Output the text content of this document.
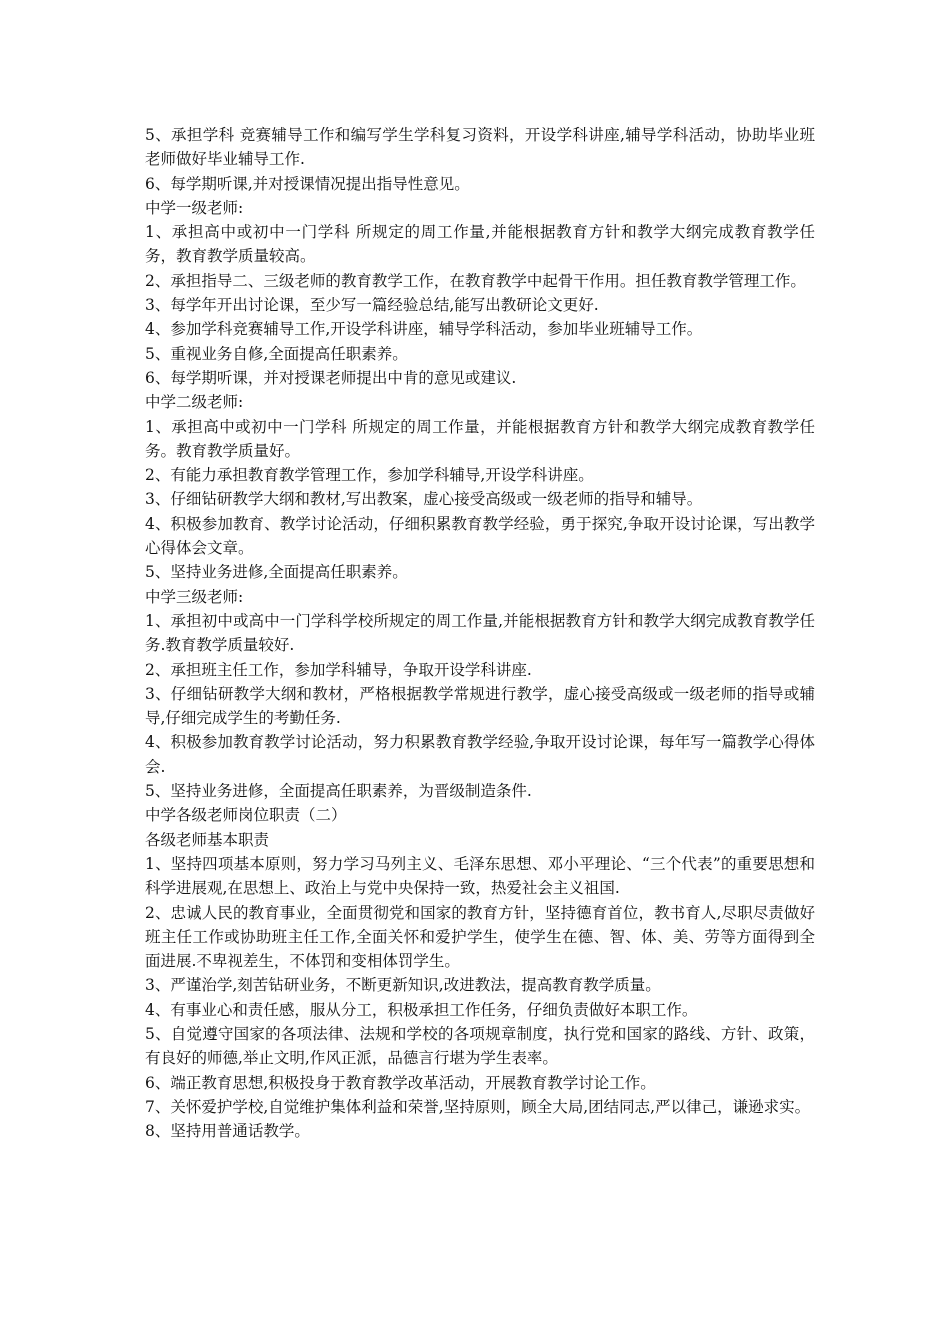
5、承担学科 竞赛辅导工作和编写学生学科复习资料，开设学科讲座,辅导学科活动，协助毕业班老师做好毕业辅导工作.

6、每学期听课,并对授课情况提出指导性意见。

中学一级老师:

1、承担高中或初中一门学科 所规定的周工作量,并能根据教育方针和教学大纲完成教育教学任务，教育教学质量较高。

2、承担指导二、三级老师的教育教学工作，在教育教学中起骨干作用。担任教育教学管理工作。

3、每学年开出讨论课，至少写一篇经验总结,能写出教研论文更好.

4、参加学科竞赛辅导工作,开设学科讲座，辅导学科活动，参加毕业班辅导工作。

5、重视业务自修,全面提高任职素养。

6、每学期听课，并对授课老师提出中肯的意见或建议.

中学二级老师:

1、承担高中或初中一门学科 所规定的周工作量，并能根据教育方针和教学大纲完成教育教学任务。教育教学质量好。

2、有能力承担教育教学管理工作，参加学科辅导,开设学科讲座。

3、仔细钻研教学大纲和教材,写出教案，虚心接受高级或一级老师的指导和辅导。

4、积极参加教育、教学讨论活动，仔细积累教育教学经验，勇于探究,争取开设讨论课，写出教学心得体会文章。

5、坚持业务进修,全面提高任职素养。

中学三级老师:

1、承担初中或高中一门学科学校所规定的周工作量,并能根据教育方针和教学大纲完成教育教学任务.教育教学质量较好.

2、承担班主任工作，参加学科辅导，争取开设学科讲座.

3、仔细钻研教学大纲和教材，严格根据教学常规进行教学，虚心接受高级或一级老师的指导或辅导,仔细完成学生的考勤任务.

4、积极参加教育教学讨论活动，努力积累教育教学经验,争取开设讨论课，每年写一篇教学心得体会.

5、坚持业务进修，全面提高任职素养，为晋级制造条件.

中学各级老师岗位职责（二）

各级老师基本职责

1、坚持四项基本原则，努力学习马列主义、毛泽东思想、邓小平理论、“三个代表”的重要思想和科学进展观,在思想上、政治上与党中央保持一致，热爱社会主义祖国.

2、忠诚人民的教育事业，全面贯彻党和国家的教育方针，坚持德育首位，教书育人,尽职尽责做好班主任工作或协助班主任工作,全面关怀和爱护学生，使学生在德、智、体、美、劳等方面得到全面进展.不卑视差生，不体罚和变相体罚学生。

3、严谨治学,刻苦钻研业务，不断更新知识,改进教法，提高教育教学质量。

4、有事业心和责任感，服从分工，积极承担工作任务，仔细负责做好本职工作。

5、自觉遵守国家的各项法律、法规和学校的各项规章制度，执行党和国家的路线、方针、政策，有良好的师德,举止文明,作风正派，品德言行堪为学生表率。

6、端正教育思想,积极投身于教育教学改革活动，开展教育教学讨论工作。

7、关怀爱护学校,自觉维护集体利益和荣誉,坚持原则，顾全大局,团结同志,严以律己，谦逊求实。

8、坚持用普通话教学。
